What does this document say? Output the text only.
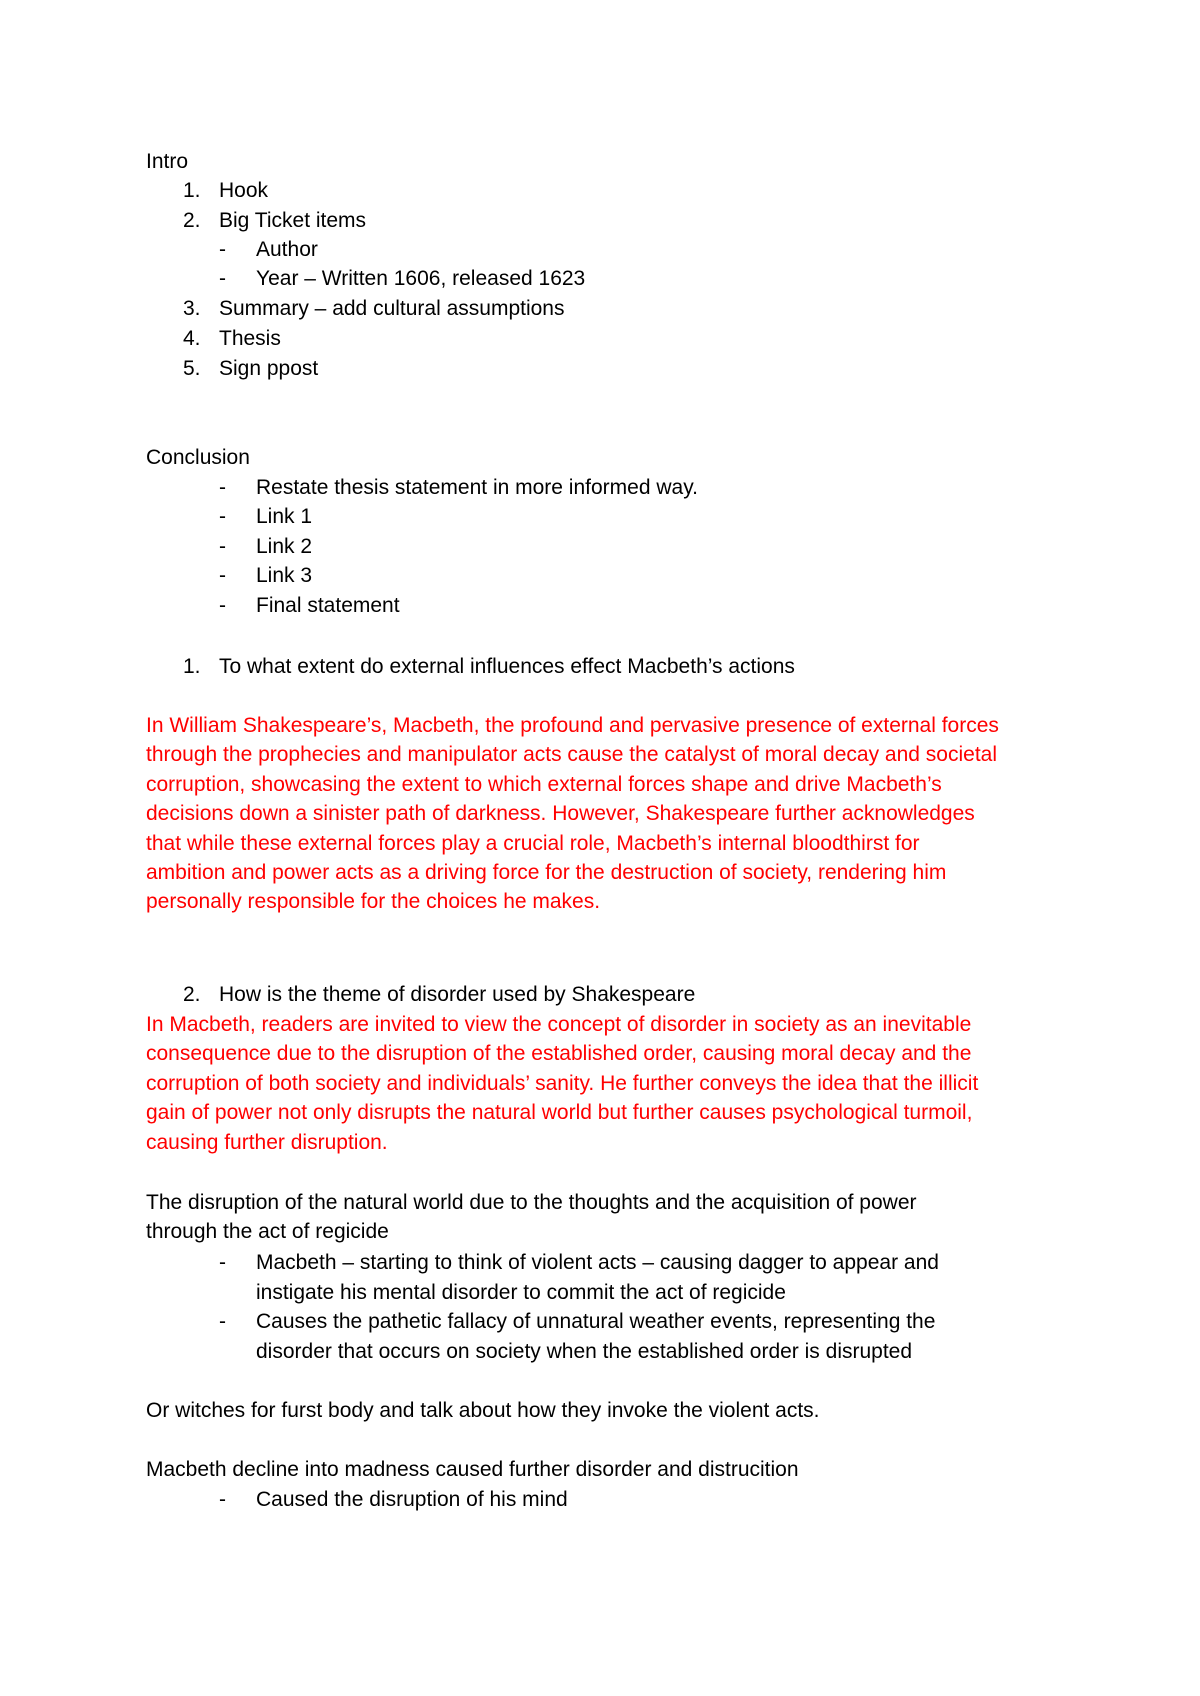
Intro
1. Hook
2. Big Ticket items
- Author
- Year – Written 1606, released 1623
3. Summary – add cultural assumptions
4. Thesis
5. Sign ppost
Conclusion
- Restate thesis statement in more informed way.
- Link 1
- Link 2
- Link 3
- Final statement
1. To what extent do external influences effect Macbeth’s actions
In William Shakespeare’s, Macbeth, the profound and pervasive presence of external forces
through the prophecies and manipulator acts cause the catalyst of moral decay and societal
corruption, showcasing the extent to which external forces shape and drive Macbeth’s
decisions down a sinister path of darkness. However, Shakespeare further acknowledges
that while these external forces play a crucial role, Macbeth’s internal bloodthirst for
ambition and power acts as a driving force for the destruction of society, rendering him
personally responsible for the choices he makes.
2. How is the theme of disorder used by Shakespeare
In Macbeth, readers are invited to view the concept of disorder in society as an inevitable
consequence due to the disruption of the established order, causing moral decay and the
corruption of both society and individuals’ sanity. He further conveys the idea that the illicit
gain of power not only disrupts the natural world but further causes psychological turmoil,
causing further disruption.
The disruption of the natural world due to the thoughts and the acquisition of power
through the act of regicide
- Macbeth – starting to think of violent acts – causing dagger to appear and
instigate his mental disorder to commit the act of regicide
- Causes the pathetic fallacy of unnatural weather events, representing the
disorder that occurs on society when the established order is disrupted
Or witches for furst body and talk about how they invoke the violent acts.
Macbeth decline into madness caused further disorder and distrucition
- Caused the disruption of his mind
